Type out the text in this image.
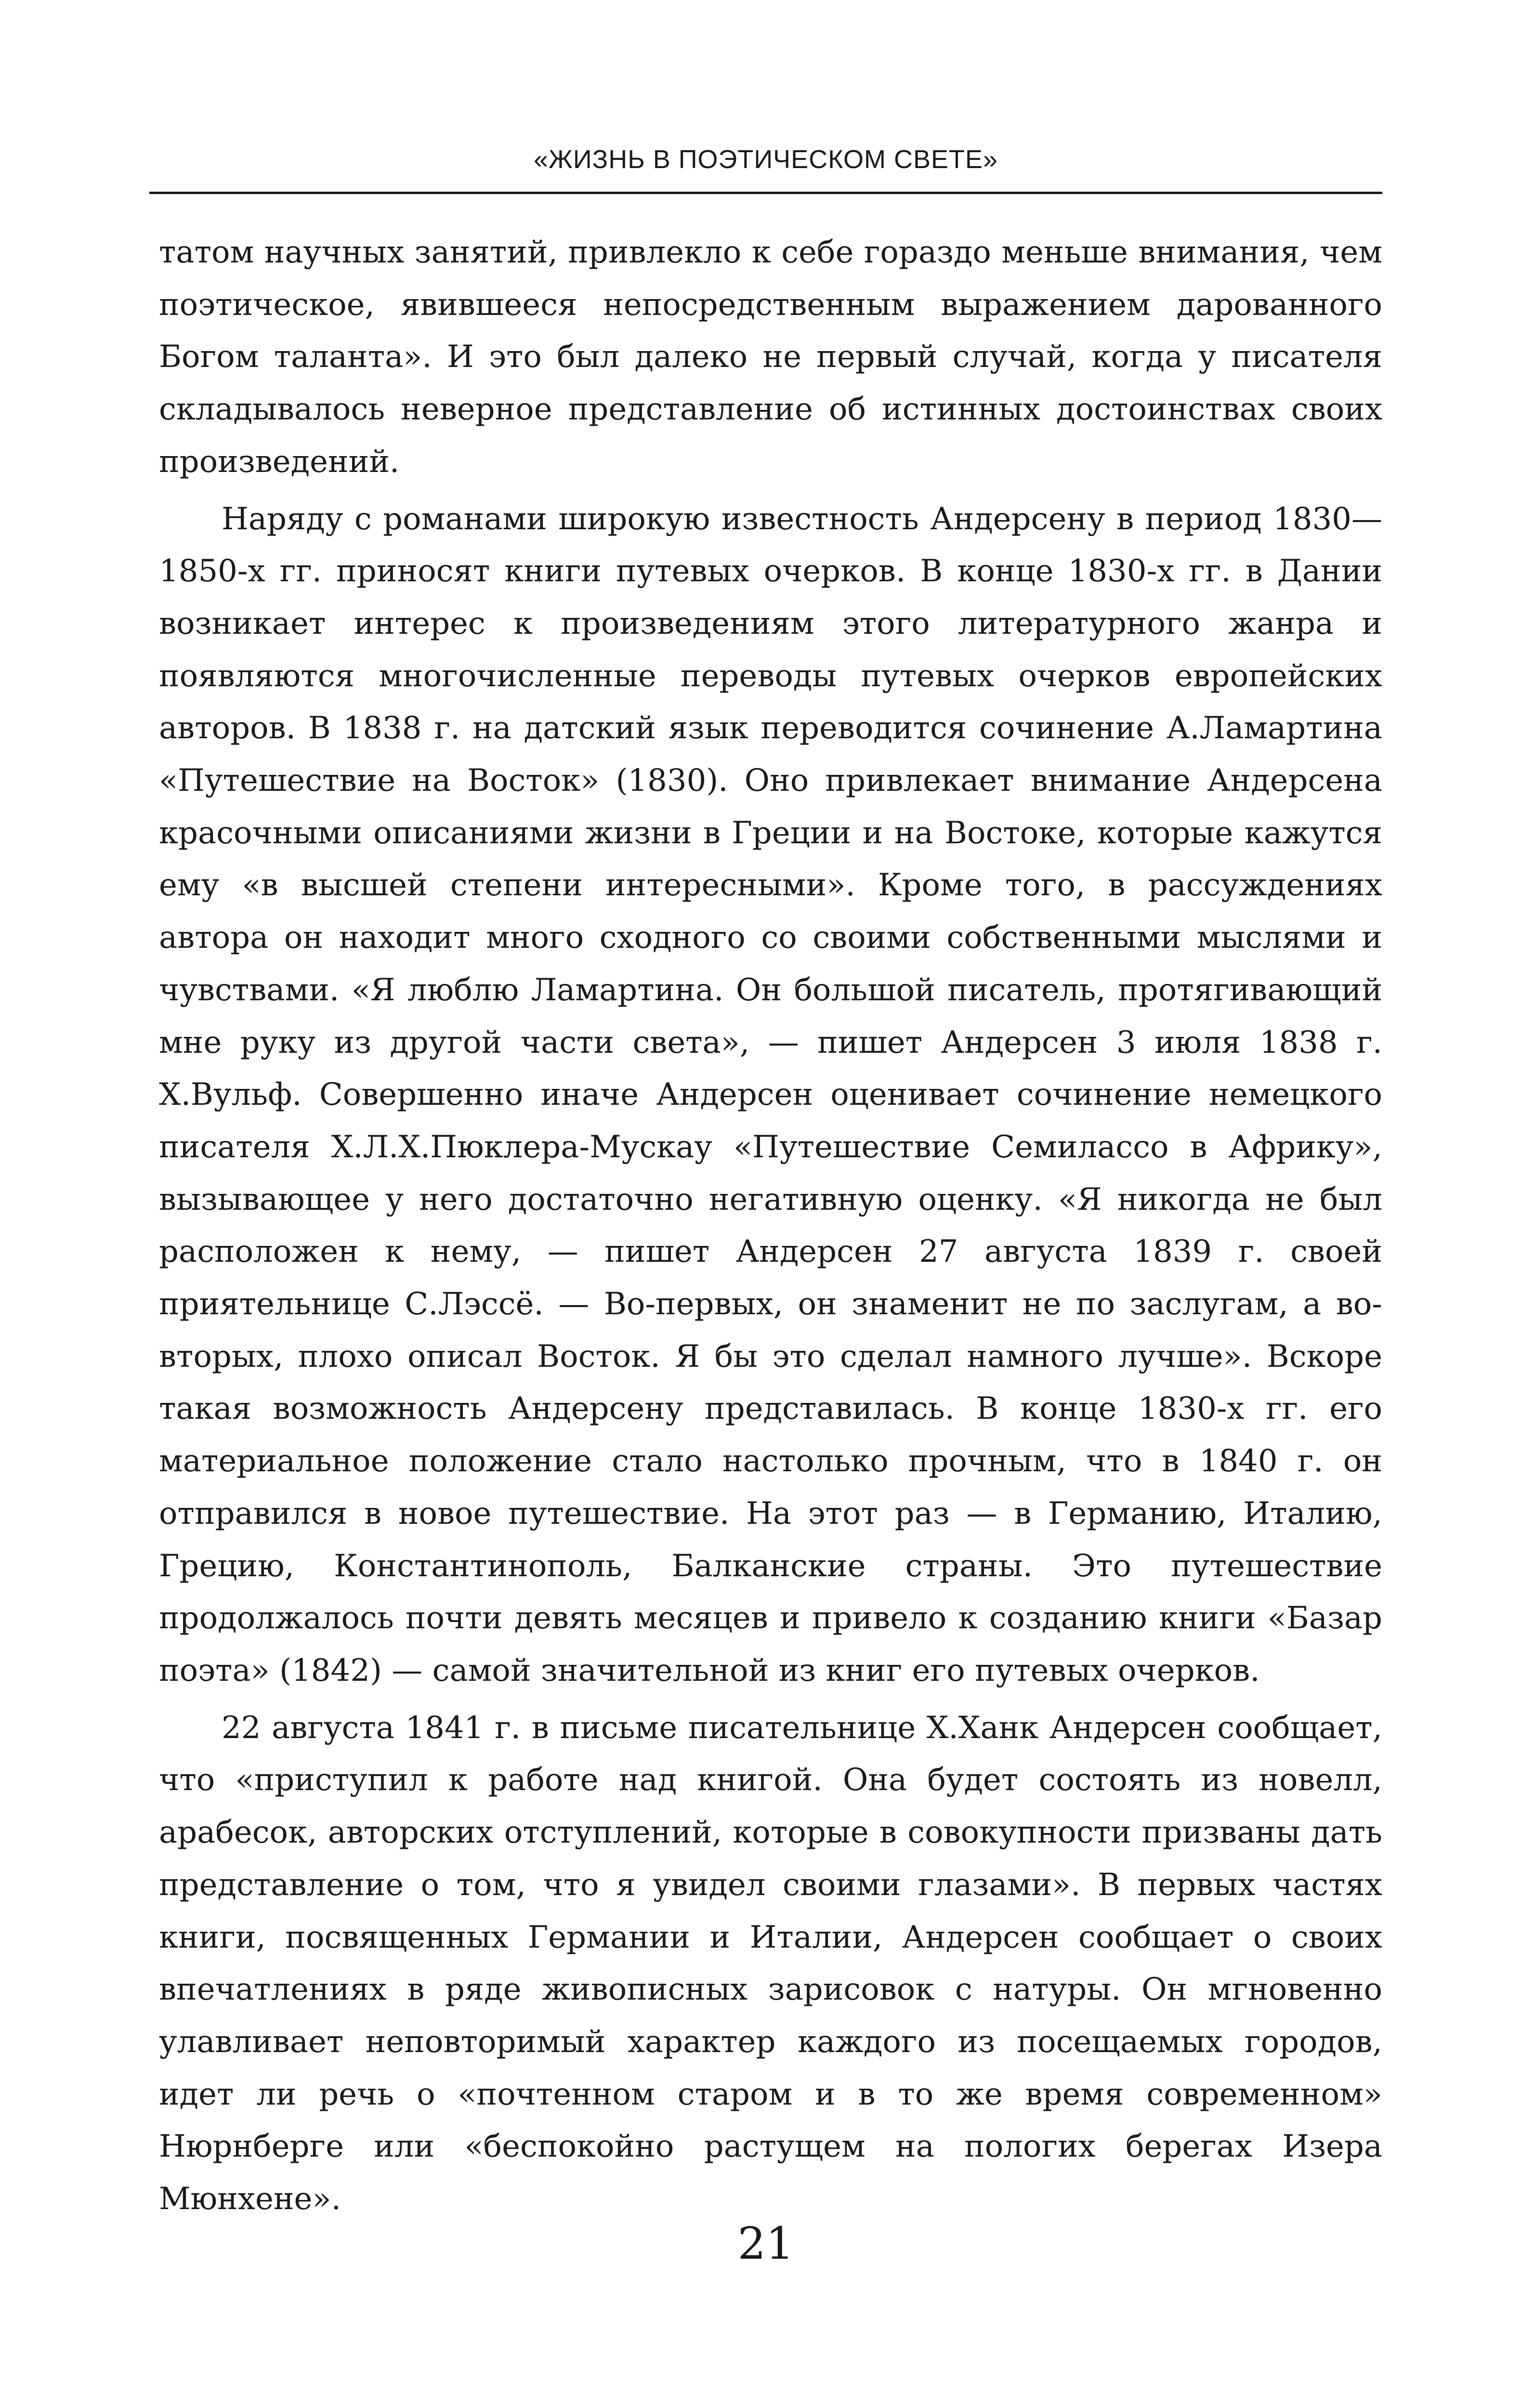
«ЖИЗНЬ В ПОЭТИЧЕСКОМ СВЕТЕ»

татом научных занятий, привлекло к себе гораздо меньше внимания, чем поэтическое, явившееся непосредственным выражением дарованного Богом таланта». И это был далеко не первый случай, когда у писателя складывалось неверное представление об истинных достоинствах своих произведений.

Наряду с романами широкую известность Андерсену в период 1830—1850-х гг. приносят книги путевых очерков. В конце 1830-х гг. в Дании возникает интерес к произведениям этого литературного жанра и появляются многочисленные переводы путевых очерков европейских авторов. В 1838 г. на датский язык переводится сочинение А.Ламартина «Путешествие на Восток» (1830). Оно привлекает внимание Андерсена красочными описаниями жизни в Греции и на Востоке, которые кажутся ему «в высшей степени интересными». Кроме того, в рассуждениях автора он находит много сходного со своими собственными мыслями и чувствами. «Я люблю Ламартина. Он большой писатель, протягивающий мне руку из другой части света», — пишет Андерсен 3 июля 1838 г. Х.Вульф. Совершенно иначе Андерсен оценивает сочинение немецкого писателя Х.Л.Х.Пюклера-Мускау «Путешествие Семилассо в Африку», вызывающее у него достаточно негативную оценку. «Я никогда не был расположен к нему, — пишет Андерсен 27 августа 1839 г. своей приятельнице С.Лэссё. — Во-первых, он знаменит не по заслугам, а во-вторых, плохо описал Восток. Я бы это сделал намного лучше». Вскоре такая возможность Андерсену представилась. В конце 1830-х гг. его материальное положение стало настолько прочным, что в 1840 г. он отправился в новое путешествие. На этот раз — в Германию, Италию, Грецию, Константинополь, Балканские страны. Это путешествие продолжалось почти девять месяцев и привело к созданию книги «Базар поэта» (1842) — самой значительной из книг его путевых очерков.

22 августа 1841 г. в письме писательнице Х.Ханк Андерсен сообщает, что «приступил к работе над книгой. Она будет состоять из новелл, арабесок, авторских отступлений, которые в совокупности призваны дать представление о том, что я увидел своими глазами». В первых частях книги, посвященных Германии и Италии, Андерсен сообщает о своих впечатлениях в ряде живописных зарисовок с натуры. Он мгновенно улавливает неповторимый характер каждого из посещаемых городов, идет ли речь о «почтенном старом и в то же время современном» Нюрнберге или «беспокойно растущем на пологих берегах Изера Мюнхене».

21
